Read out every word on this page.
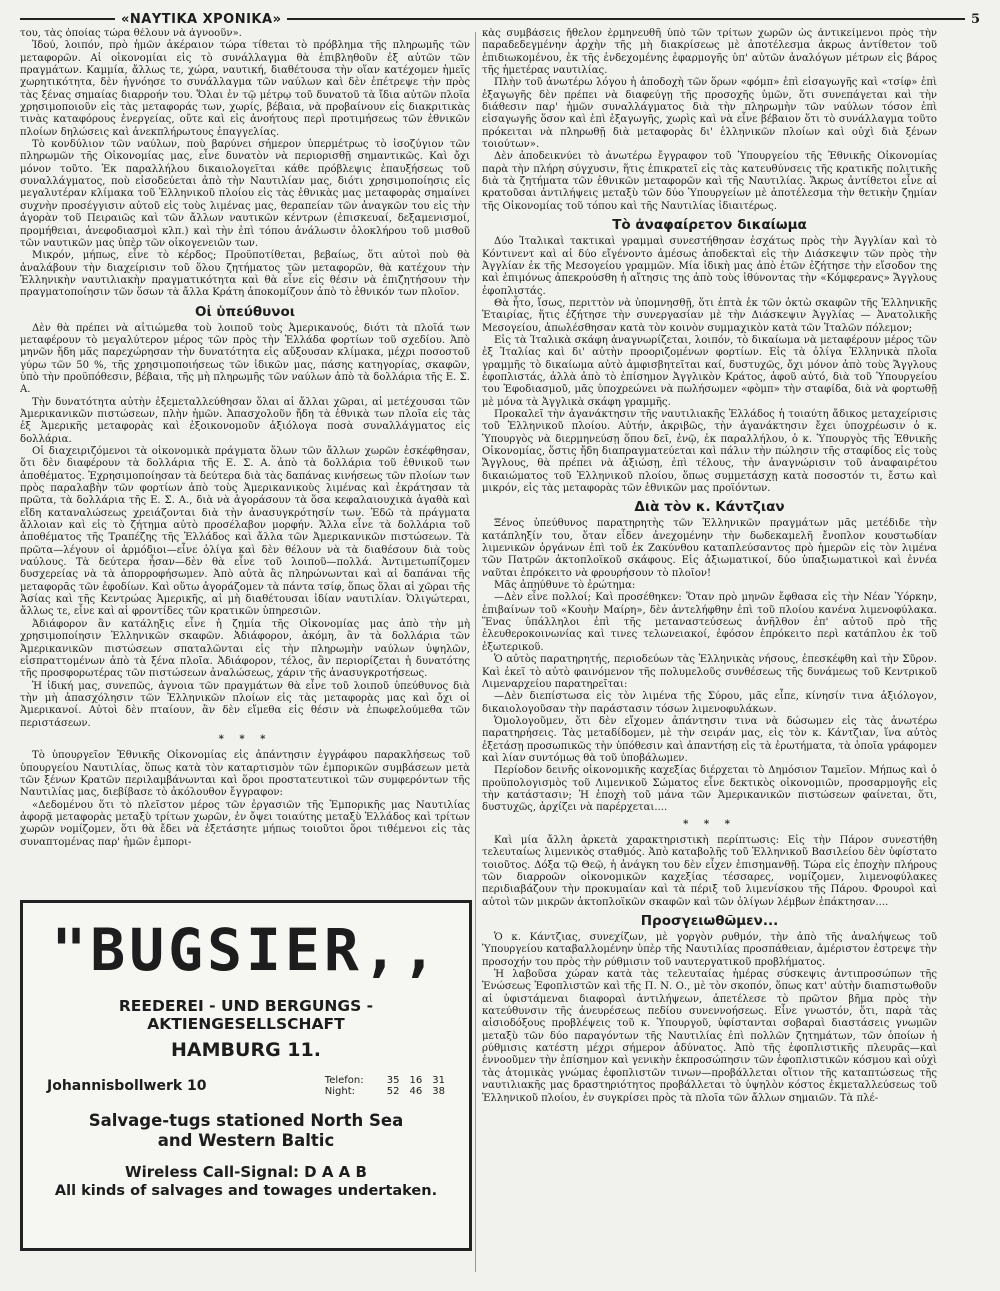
«ΝΑΥΤΙΚΑ ΧΡΟΝΙΚΑ»	5

του, τὰς ὁποίας τώρα θέλουν νὰ ἀγνοοῦν».

Ἰδού, λοιπόν, πρὸ ἡμῶν ἀκέραιον τώρα τίθεται τὸ πρόβλημα τῆς πληρωμῆς τῶν μεταφορῶν. Αἱ οἰκονομίαι εἰς τὸ συνάλλαγμα θὰ ἐπιβληθοῦν ἐξ αὐτῶν τῶν πραγμάτων. Καμμία, ἄλλως τε, χώρα, ναυτική, διαθέτουσα τὴν οἵαν κατέχομεν ἡμεῖς χωρητικότητα, δὲν ἠγνόησε το συνάλλαγμα τῶν ναύλων καὶ δὲν ἐπέτρεψε τὴν πρὸς τὰς ξένας σημαίας διαρροήν του. Ὅλαι ἐν τῷ μέτρῳ τοῦ δυνατοῦ τὰ ἴδια αὐτῶν πλοῖα χρησιμοποιοῦν εἰς τὰς μεταφοράς των, χωρίς, βέβαια, νὰ προβαίνουν εἰς διακριτικὰς τινὰς καταφόρους ἐνεργείας, οὔτε καὶ εἰς ἀνοήτους περὶ προτιμήσεως τῶν ἐθνικῶν πλοίων δηλώσεις καὶ ἀνεκπλήρωτους ἐπαγγελίας.

Τὸ κονδύλιον τῶν ναύλων, ποὺ βαρύνει σήμερον ὑπερμέτρως τὸ ἰσοζύγιον τῶν πληρωμῶν τῆς Οἰκονομίας μας, εἶνε δυνατὸν νὰ περιορισθῇ σημαντικῶς. Καὶ ὄχι μόνον τοῦτο. Ἐκ παραλλήλου δικαιολογεῖται κάθε πρόβλεψις ἐπαυξήσεως τοῦ συναλλάγματος, ποὺ εἰσοδεύεται ἀπὸ τὴν Ναυτιλίαν μας, διότι χρησιμοποίησις εἰς μεγαλυτέραν κλίμακα τοῦ Ἑλληνικοῦ πλοίου εἰς τὰς ἐθνικὰς μας μεταφορὰς σημαίνει συχνὴν προσέγγισιν αὐτοῦ εἰς τοὺς λιμένας μας, θεραπείαν τῶν ἀναγκῶν του εἰς τὴν ἀγορὰν τοῦ Πειραιῶς καὶ τῶν ἄλλων ναυτικῶν κέντρων (ἐπισκευαί, δεξαμενισμοί, προμήθειαι, ἀνεφοδιασμοὶ κλπ.) καὶ τὴν ἐπὶ τόπου ἀνάλωσιν ὁλοκλήρου τοῦ μισθοῦ τῶν ναυτικῶν μας ὑπὲρ τῶν οἰκογενειῶν των.

Μικρόν, μήπως, εἶνε τὸ κέρδος; Προϋποτίθεται, βεβαίως, ὅτι αὐτοὶ ποὺ θὰ ἀναλάβουν τὴν διαχείρισιν τοῦ ὅλου ζητήματος τῶν μεταφορῶν, θὰ κατέχουν τὴν Ἑλληνικὴν ναυτιλιακὴν πραγματικότητα καὶ θὰ εἶνε εἰς θέσιν νὰ ἐπιζητήσουν τὴν πραγματοποίησιν τῶν ὅσων τὰ ἄλλα Κράτη ἀποκομίζουν ἀπὸ τὸ ἐθνικόν των πλοῖον.

Οἱ ὑπεύθυνοι

Δὲν θὰ πρέπει νὰ αἰτιώμεθα τοὺ λοιποῦ τοὺς Ἀμερικανούς, διότι τὰ πλοῖά των μεταφέρουν τὸ μεγαλύτερον μέρος τῶν πρὸς τὴν Ἑλλάδα φορτίων τοῦ σχεδίου. Ἀπὸ μηνῶν ἤδη μᾶς παρεχώρησαν τὴν δυνατότητα εἰς αὔξουσαν κλίμακα, μέχρι ποσοστοῦ γύρω τῶν 50 %, τῆς χρησιμοποιήσεως τῶν ἰδικῶν μας, πάσης κατηγορίας, σκαφῶν, ὑπὸ τὴν προϋπόθεσιν, βέβαια, τῆς μὴ πληρωμῆς τῶν ναύλων ἀπὸ τὰ δολλάρια τῆς Ε. Σ. Α.

Τὴν δυνατότητα αὐτὴν ἐξεμεταλλεύθησαν ὅλαι αἱ ἄλλαι χῶραι, αἱ μετέχουσαι τῶν Ἀμερικανικῶν πιστώσεων, πλὴν ἡμῶν. Ἀπασχολοῦν ἤδη τὰ ἐθνικὰ των πλοῖα εἰς τὰς ἐξ Ἀμερικῆς μεταφορὰς καὶ ἐξοικονομοῦν ἀξιόλογα ποσὰ συναλλάγματος εἰς δολλάρια.

Οἱ διαχειριζόμενοι τὰ οἰκονομικὰ πράγματα ὅλων τῶν ἄλλων χωρῶν ἐσκέφθησαν, ὅτι δὲν διαφέρουν τὰ δολλάρια τῆς Ε. Σ. Α. ἀπὸ τὰ δολλάρια τοῦ ἐθνικοῦ των ἀποθέματος. Ἐχρησιμοποίησαν τὰ δεύτερα διὰ τὰς δαπάνας κινήσεως τῶν πλοίων των πρὸς παραλαβὴν τῶν φορτίων ἀπὸ τοὺς Ἀμερικανικοὺς λιμένας καὶ ἐκράτησαν τὰ πρῶτα, τὰ δολλάρια τῆς Ε. Σ. Α., διὰ νὰ ἀγοράσουν τὰ ὅσα κεφαλαιουχικὰ ἀγαθὰ καὶ εἴδη καταναλώσεως χρειάζονται διὰ τὴν ἀνασυγκρότησίν των. Ἐδῶ τὰ πράγματα ἄλλοιαν καὶ εἰς τὸ ζήτημα αὐτὸ προσέλαβον μορφήν. Ἄλλα εἶνε τὰ δολλάρια τοῦ ἀποθέματος τῆς Τραπέζης τῆς Ἑλλάδος καὶ ἄλλα τῶν Ἀμερικανικῶν πιστώσεων. Τὰ πρῶτα—λέγουν οἱ ἁρμόδιοι—εἶνε ὀλίγα καὶ δὲν θέλουν νὰ τὰ διαθέσουν διὰ τοὺς ναύλους. Τὰ δεύτερα ἦσαν—δὲν θὰ εἶνε τοῦ λοιποῦ—πολλά. Ἀντιμετωπίζομεν δυσχερείας νὰ τὰ ἀπορροφήσωμεν. Ἀπὸ αὐτὰ ἂς πληρώνωνται καὶ αἱ δαπάναι τῆς μεταφορᾶς τῶν ἐφοδίων. Καὶ οὕτω ἀγοράζομεν τὰ πάντα τσίφ, ὅπως ὅλαι αἱ χῶραι τῆς Ἀσίας καὶ τῆς Κεντρώας Ἀμερικῆς, αἱ μὴ διαθέτουσαι ἰδίαν ναυτιλίαν. Ὀλιγώτεραι, ἄλλως τε, εἶνε καὶ αἱ φροντίδες τῶν κρατικῶν ὑπηρεσιῶν.

Ἀδιάφορον ἂν κατάληξις εἶνε ἡ ζημία τῆς Οἰκονομίας μας ἀπὸ τὴν μὴ χρησιμοποίησιν Ἑλληνικῶν σκαφῶν. Ἀδιάφορον, ἀκόμη, ἂν τὰ δολλάρια τῶν Ἀμερικανικῶν πιστώσεων σπαταλῶνται εἰς τὴν πληρωμὴν ναύλων ὑψηλῶν, εἰσπραττομένων ἀπὸ τὰ ξένα πλοῖα. Ἀδιάφορον, τέλος, ἂν περιορίζεται ἡ δυνατότης τῆς προσφορωτέρας τῶν πιστώσεων ἀναλώσεως, χάριν τῆς ἀνασυγκροτήσεως.

Ἡ ἰδική μας, συνεπῶς, ἀγνοια τῶν πραγμάτων θὰ εἶνε τοῦ λοιποῦ ὑπεύθυνος διὰ τὴν μὴ ἀπασχόλησιν τῶν Ἑλληνικῶν πλοίων εἰς τὰς μεταφορὰς μας καὶ ὄχι οἱ Ἀμερικανοί. Αὐτοὶ δὲν πταίουν, ἂν δὲν εἴμεθα εἰς θέσιν νὰ ἐπωφελούμεθα τῶν περιστάσεων.

* * *

Τὸ ὑπουργεῖον Ἐθνικῆς Οἰκονομίας εἰς ἀπάντησιν ἐγγράφου παρακλήσεως τοῦ ὑπουργείου Ναυτιλίας, ὅπως κατὰ τὸν καταρτισμὸν τῶν ἐμπορικῶν συμβάσεων μετὰ τῶν ξένων Κρατῶν περιλαμβάνωνται καὶ ὅροι προστατευτικοὶ τῶν συμφερόντων τῆς Ναυτιλίας μας, διεβίβασε τὸ ἀκόλουθον ἔγγραφον:

«Δεδομένου ὅτι τὸ πλεῖστον μέρος τῶν ἐργασιῶν τῆς Ἐμπορικῆς μας Ναυτιλίας ἀφορᾷ μεταφορὰς μεταξὺ τρίτων χωρῶν, ἐν ὄψει τοιαύτης μεταξὺ Ἑλλάδος καὶ τρίτων χωρῶν νομίζομεν, ὅτι θὰ ἔδει νὰ ἐξετάσητε μήπως τοιοῦτοι ὅροι τιθέμενοι εἰς τὰς συναπτομένας παρ' ἡμῶν ἐμπορι-

"BUGSIER,,
REEDEREI - UND BERGUNGS - AKTIENGESELLSCHAFT
HAMBURG 11.
Johannisbollwerk 10	Telefon:	35 16 31
Night:	52 46 38
Salvage-tugs stationed North Sea
and Western Baltic
Wireless Call-Signal: D A A B
All kinds of salvages and towages undertaken.

κὰς συμβάσεις ἤθελον ἑρμηνευθῆ ὑπὸ τῶν τρίτων χωρῶν ὡς ἀντικείμενοι πρὸς τὴν παραδεδεγμένην ἀρχὴν τῆς μὴ διακρίσεως μὲ ἀποτέλεσμα ἀκρως ἀντίθετον τοῦ ἐπιδιωκομένου, ἐκ τῆς ἐνδεχομένης ἐφαρμογῆς ὑπ' αὐτῶν ἀναλόγων μέτρων εἰς βάρος τῆς ἡμετέρας ναυτιλίας.

Πλὴν τοῦ ἀνωτέρω λόγου ἡ ἀποδοχὴ τῶν ὅρων «φόμπ» ἐπὶ εἰσαγωγῆς καὶ «τσίφ» ἐπὶ ἐξαγωγῆς δὲν πρέπει νὰ διαφεύγῃ τῆς προσοχῆς ὑμῶν, ὅτι συνεπάγεται καὶ τὴν διάθεσιν παρ' ἡμῶν συναλλάγματος διὰ τὴν πληρωμὴν τῶν ναύλων τόσον ἐπὶ εἰσαγωγῆς ὅσον καὶ ἐπὶ ἐξαγωγῆς, χωρὶς καὶ νὰ εἶνε βέβαιον ὅτι τὸ συνάλλαγμα τοῦτο πρόκειται νὰ πληρωθῇ διὰ μεταφορὰς δι' ἑλληνικῶν πλοίων καὶ οὐχὶ διὰ ξένων τοιούτων».

Δὲν ἀποδεικνύει τὸ ἀνωτέρω ἔγγραφον τοῦ Ὑπουργείου τῆς Ἐθνικῆς Οἰκονομίας παρὰ τὴν πλήρη σύγχυσιν, ἥτις ἐπικρατεῖ εἰς τὰς κατευθύνσεις τῆς κρατικῆς πολιτικῆς διὰ τὰ ζητήματα τῶν ἐθνικῶν μεταφορῶν καὶ τῆς Ναυτιλίας. Ἄκρως ἀντίθετοι εἶνε αἱ κρατοῦσαι ἀντιλήψεις μεταξὺ τῶν δύο Ὑπουργείων μὲ ἀποτέλεσμα τὴν θετικὴν ζημίαν τῆς Οἰκονομίας τοῦ τόπου καὶ τῆς Ναυτιλίας ἰδιαιτέρως.

Τὸ ἀναφαίρετον δικαίωμα

Δύο Ἰταλικαὶ τακτικαὶ γραμμαὶ συνεστήθησαν ἐσχάτως πρὸς τὴν Ἀγγλίαν καὶ τὸ Κόντινεντ καὶ αἱ δύο εἴγένοντο ἀμέσως ἀποδεκταὶ εἰς τὴν Διάσκεψιν τῶν πρὸς τὴν Ἀγγλίαν ἐκ τῆς Μεσογείου γραμμῶν. Μία ἰδικὴ μας ἀπὸ ἐτῶν ἐζήτησε τὴν εἴσοδον της καὶ ἐπιμόνως ἀπεκρούσθη ἡ αἴτησις της ἀπὸ τοὺς ἰθύνοντας τὴν «Κόμφερανς» Ἄγγλους ἐφοπλιστάς.

Θὰ ἦτο, ἴσως, περιττὸν νὰ ὑπομνησθῇ, ὅτι ἑπτὰ ἐκ τῶν ὀκτὼ σκαφῶν τῆς Ἑλληνικῆς Ἑταιρίας, ἥτις ἐζήτησε τὴν συνεργασίαν μὲ τὴν Διάσκεψιν Ἀγγλίας — Ἀνατολικῆς Μεσογείου, ἀπωλέσθησαν κατὰ τὸν κοινὸν συμμαχικὸν κατὰ τῶν Ἰταλῶν πόλεμον;

Εἰς τὰ Ἰταλικὰ σκάφη ἀναγνωρίζεται, λοιπόν, τὸ δικαίωμα νὰ μεταφέρουν μέρος τῶν ἐξ Ἰταλίας καὶ δι' αὐτὴν προοριζομένων φορτίων. Εἰς τὰ ὀλίγα Ἑλληνικὰ πλοῖα γραμμῆς τὸ δικαίωμα αὐτὸ ἀμφισβητεῖται καί, δυστυχῶς, ὄχι μόνον ἀπὸ τοὺς Ἄγγλους ἐφοπλιστάς, ἀλλὰ ἀπὸ τὸ ἐπίσημον Ἀγγλικὸν Κράτος, ἀφοῦ αὐτό, διὰ τοῦ Ὑπουργείου του Ἐφοδιασμοῦ, μᾶς ὑποχρεώνει νὰ πωλήσωμεν «φὸμπ» τὴν σταφίδα, διὰ νὰ φορτωθῇ μὲ μόνα τὰ Ἀγγλικὰ σκάφη γραμμῆς.

Προκαλεῖ τὴν ἀγανάκτησιν τῆς ναυτιλιακῆς Ἑλλάδος ἡ τοιαύτη ἄδικος μεταχείρισις τοῦ Ἑλληνικοῦ πλοίου. Αὐτήν, ἀκριβῶς, τὴν ἀγανάκτησιν ἔχει ὑποχρέωσιν ὁ κ. Ὑπουργὸς νὰ διερμηνεύσῃ ὅπου δεῖ, ἐνῷ, ἐκ παραλλήλου, ὁ κ. Ὑπουργὸς τῆς Ἐθνικῆς Οἰκονομίας, ὅστις ἤδη διαπραγματεύεται καὶ πάλιν τὴν πώλησιν τῆς σταφίδος εἰς τοὺς Ἄγγλους, θὰ πρέπει νὰ ἀξιώσῃ, ἐπὶ τέλους, τὴν ἀναγνώρισιν τοῦ ἀναφαιρέτου δικαιώματος τοῦ Ἑλληνικοῦ πλοίου, ὅπως συμμετάσχῃ κατὰ ποσοστόν τι, ἔστω καὶ μικρόν, εἰς τὰς μεταφορὰς τῶν ἐθνικῶν μας προϊόντων.

Διὰ τὸν κ. Κάντζιαν

Ξένος ὑπεύθυνος παρατηρητὴς τῶν Ἑλληνικῶν πραγμάτων μᾶς μετέδιδε τὴν κατάπληξίν του, ὅταν εἶδεν ἀνεχομένην τὴν δωδεκαμελῆ ἔνοπλον κουστωδίαν λιμενικῶν ὀργάνων ἐπὶ τοῦ ἐκ Ζακύνθου καταπλεύσαντος πρὸ ἡμερῶν εἰς τὸν λιμένα τῶν Πατρῶν ἀκτοπλοϊκοῦ σκάφους. Εἰς ἀξιωματικοί, δύο ὑπαξιωματικοὶ καὶ ἐννέα ναῦται ἐπρόκειτο νὰ φρουρήσουν τὸ πλοῖον!

Μᾶς ἀπηύθυνε τὸ ἐρώτημα:

—Δὲν εἶνε πολλοί; Καὶ προσέθηκεν: Ὅταν πρὸ μηνῶν ἔφθασα εἰς τὴν Νέαν Ὑόρκην, ἐπιβαίνων τοῦ «Κουὴν Μαίρη», δὲν ἀντελήφθην ἐπὶ τοῦ πλοίου κανένα λιμενοφύλακα. Ἕνας ὑπάλληλοι ἐπὶ τῆς μεταναστεύσεως ἀνῆλθον ἐπ' αὐτοῦ πρὸ τῆς ἐλευθεροκοινωνίας καὶ τινες τελωνειακοί, ἐφόσον ἐπρόκειτο περὶ κατάπλου ἐκ τοῦ ἐξωτερικοῦ.

Ὁ αὐτὸς παρατηρητής, περιοδεύων τὰς Ἑλληνικὰς νήσους, ἐπεσκέφθη καὶ τὴν Σῦρον. Καὶ ἐκεῖ τὸ αὐτὸ φαινόμενον τῆς πολυμελοῦς συνθέσεως τῆς δυνάμεως τοῦ Κεντρικοῦ Λιμεναρχείου παρατηρεῖται:

—Δὲν διεπίστωσα εἰς τὸν λιμένα τῆς Σύρου, μᾶς εἶπε, κίνησίν τινα ἀξιόλογον, δικαιολογοῦσαν τὴν παράστασιν τόσων λιμενοφυλάκων.

Ὁμολογοῦμεν, ὅτι δὲν εἴχομεν ἀπάντησιν τινα νὰ δώσωμεν εἰς τὰς ἀνωτέρω παρατηρήσεις. Τὰς μεταδίδομεν, μὲ τὴν σειράν μας, εἰς τὸν κ. Κάντζιαν, ἵνα αὐτὸς ἐξετάσῃ προσωπικῶς τὴν ὑπόθεσιν καὶ ἀπαντήσῃ εἰς τὰ ἐρωτήματα, τὰ ὁποῖα γράφομεν καὶ λίαν συντόμως θὰ τοῦ ὑποβάλωμεν.

Περίοδον δεινῆς οἰκονομικῆς καχεξίας διέρχεται τὸ Δημόσιον Ταμεῖον. Μήπως καὶ ὁ προϋπολογισμὸς τοῦ Λιμενικοῦ Σώματος εἶνε δεκτικὸς οἰκονομιῶν, προσαρμογῆς εἰς τὴν κατάστασιν; Ἡ ἐποχὴ τοῦ μάνα τῶν Ἀμερικανικῶν πιστώσεων φαίνεται, ὅτι, δυστυχῶς, ἀρχίζει νὰ παρέρχεται....

* * *

Καὶ μία ἄλλη ἀρκετὰ χαρακτηριστικὴ περίπτωσις: Εἰς τὴν Πάρον συνεστήθη τελευταίως λιμενικὸς σταθμός. Ἀπὸ καταβολῆς τοῦ Ἑλληνικοῦ Βασιλείου δὲν ὑφίστατο τοιοῦτος. Δόξα τῷ Θεῷ, ἡ ἀνάγκη του δὲν εἶχεν ἐπισημανθῇ. Τώρα εἰς ἐποχὴν πλήρους τῶν διαρροῶν οἰκονομικῶν καχεξίας τέσσαρες, νομίζομεν, λιμενοφύλακες περιδιαβάζουν τὴν προκυμαίαν καὶ τὰ πέριξ τοῦ λιμενίσκου τῆς Πάρου. Φρουροὶ καὶ αὐτοὶ τῶν μικρῶν ἀκτοπλοϊκῶν σκαφῶν καὶ τῶν ὀλίγων λέμβων ἐπάκτησαν....

Προσγειωθῶμεν...

Ὁ κ. Κάντζιας, συνεχίζων, μὲ γοργὸν ρυθμόν, τὴν ἀπὸ τῆς ἀναλήψεως τοῦ Ὑπουργείου καταβαλλομένην ὑπὲρ τῆς Ναυτιλίας προσπάθειαν, ἀμέριστον ἐστρεψε τὴν προσοχήν του πρὸς τὴν ρύθμισιν τοῦ ναυτεργατικοῦ προβλήματος.

Ἡ λαβοῦσα χώραν κατὰ τὰς τελευταίας ἡμέρας σύσκεψις ἀντιπροσώπων τῆς Ἑνώσεως Ἐφοπλιστῶν καὶ τῆς Π. Ν. Ο., μὲ τὸν σκοπόν, ὅπως κατ' αὐτὴν διαπιστωθοῦν αἱ ὑφιστάμεναι διαφοραὶ ἀντιλήψεων, ἀπετέλεσε τὸ πρῶτον βῆμα πρὸς τὴν κατεύθυνσιν τῆς ἀνευρέσεως πεδίου συνεννοήσεως. Εἶνε γνωστόν, ὅτι, παρὰ τὰς αἰσιοδόξους προβλέψεις τοῦ κ. Ὑπουργοῦ, ὑφίστανται σοβαραὶ διαστάσεις γνωμῶν μεταξὺ τῶν δύο παραγόντων τῆς Ναυτιλίας ἐπὶ πολλῶν ζητημάτων, τῶν ὁποίων ἡ ρύθμισις κατέστη μέχρι σήμερον ἀδύνατος. Ἀπὸ τῆς ἐφοπλιστικῆς πλευρᾶς—καὶ ἐννοοῦμεν τὴν ἐπίσημον καὶ γενικὴν ἐκπροσώπησιν τῶν ἐφοπλιστικῶν κόσμου καὶ οὐχὶ τὰς ἀτομικὰς γνώμας ἐφοπλιστῶν τινων—προβάλλεται οἵτιον τῆς καταπτώσεως τῆς ναυτιλιακῆς μας δραστηριότητος προβάλλεται τὸ ὑψηλὸν κόστος ἐκμεταλλεύσεως τοῦ Ἑλληνικοῦ πλοίου, ἐν συγκρίσει πρὸς τὰ πλοῖα τῶν ἄλλων σημαιῶν. Τὰ πλέ-
